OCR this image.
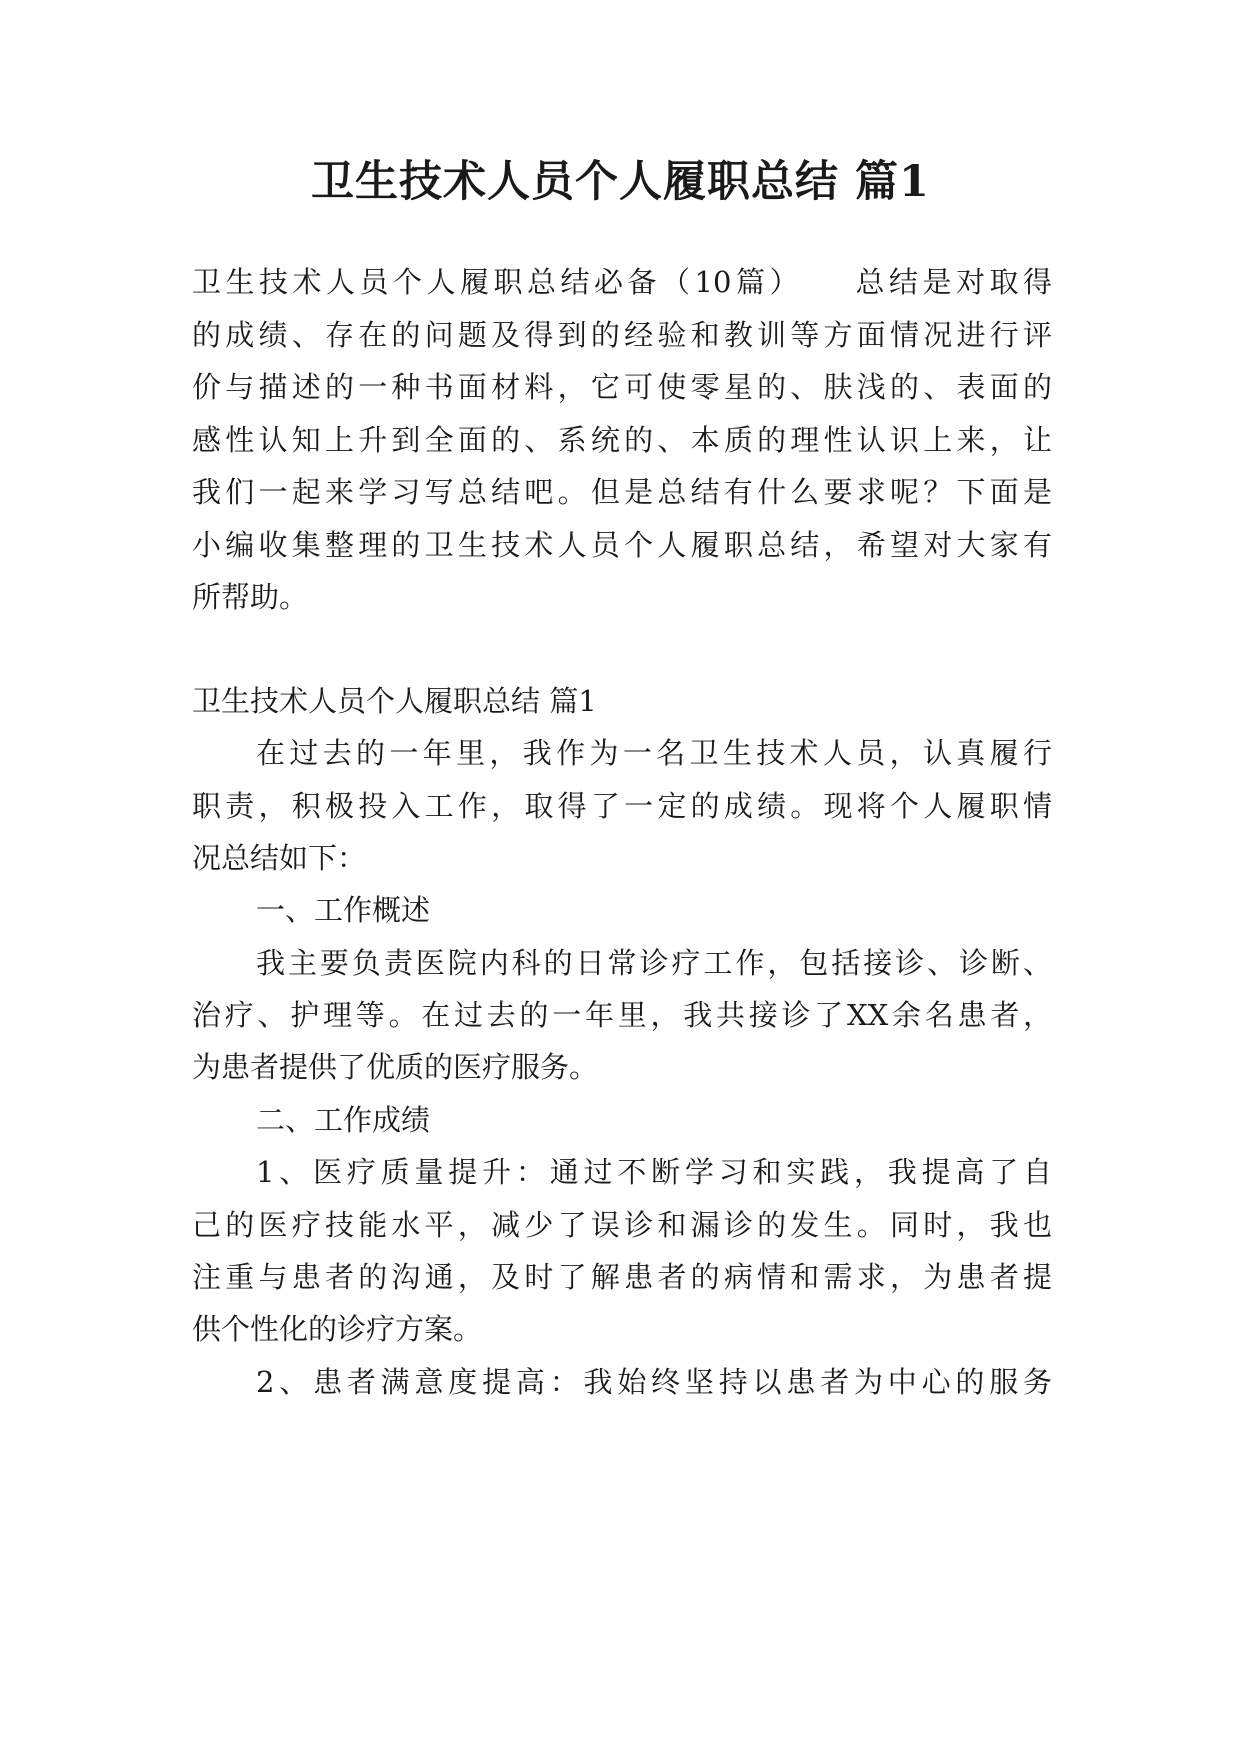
卫生技术人员个人履职总结 篇1

卫生技术人员个人履职总结必备（10篇）　　总结是对取得

的成绩、存在的问题及得到的经验和教训等方面情况进行评

价与描述的一种书面材料，它可使零星的、肤浅的、表面的

感性认知上升到全面的、系统的、本质的理性认识上来，让

我们一起来学习写总结吧。但是总结有什么要求呢？下面是

小编收集整理的卫生技术人员个人履职总结，希望对大家有

所帮助。

卫生技术人员个人履职总结 篇1

在过去的一年里，我作为一名卫生技术人员，认真履行

职责，积极投入工作，取得了一定的成绩。现将个人履职情

况总结如下：

一、工作概述

我主要负责医院内科的日常诊疗工作，包括接诊、诊断、

治疗、护理等。在过去的一年里，我共接诊了XX余名患者，

为患者提供了优质的医疗服务。

二、工作成绩

1、医疗质量提升：通过不断学习和实践，我提高了自

己的医疗技能水平，减少了误诊和漏诊的发生。同时，我也

注重与患者的沟通，及时了解患者的病情和需求，为患者提

供个性化的诊疗方案。

2、患者满意度提高：我始终坚持以患者为中心的服务
